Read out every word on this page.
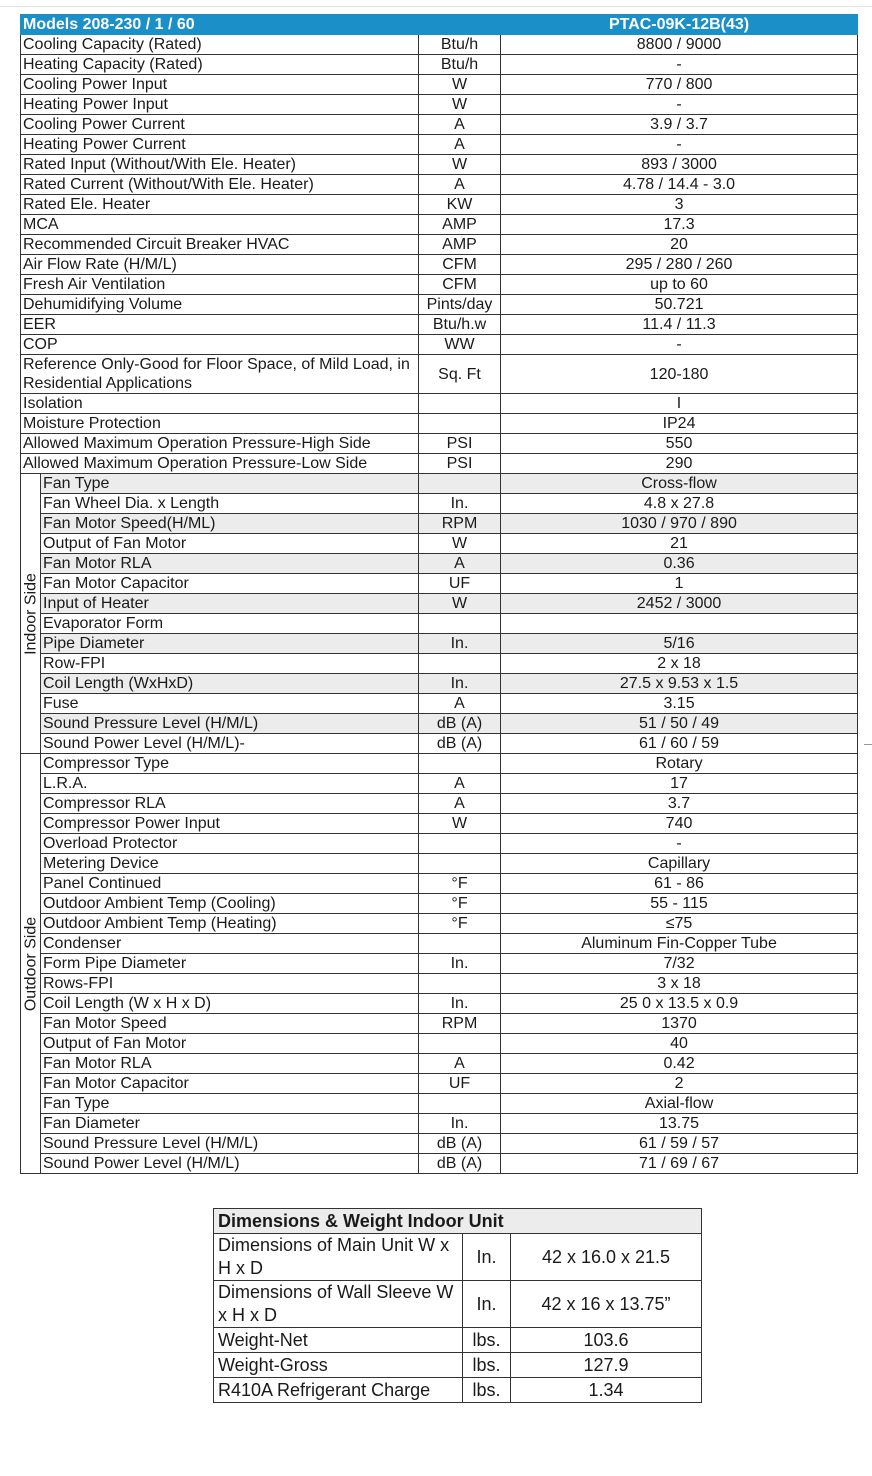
Models 208-230 / 1 / 60			PTAC-09K-12B(43)
Cooling Capacity (Rated)		Btu/h	8800 / 9000
Heating Capacity (Rated)		Btu/h	-
Cooling Power Input		W	770 / 800
Heating Power Input		W	-
Cooling Power Current		A	3.9 / 3.7
Heating Power Current		A	-
Rated Input (Without/With Ele. Heater)		W	893 / 3000
Rated Current (Without/With Ele. Heater)		A	4.78 / 14.4 - 3.0
Rated Ele. Heater		KW	3
MCA		AMP	17.3
Recommended Circuit Breaker HVAC		AMP	20
Air Flow Rate (H/M/L)		CFM	295 / 280 / 260
Fresh Air Ventilation		CFM	up to 60
Dehumidifying Volume		Pints/day	50.721
EER		Btu/h.w	11.4 / 11.3
COP		WW	-
Reference Only-Good for Floor Space, of Mild Load, in Residential Applications		Sq. Ft	120-180
Isolation			I
Moisture Protection			IP24
Allowed Maximum Operation Pressure-High Side		PSI	550
Allowed Maximum Operation Pressure-Low Side		PSI	290

Indoor Side	Fan Type		Cross-flow
	Fan Wheel Dia. x Length	In.	4.8 x 27.8
	Fan Motor Speed(H/ML)	RPM	1030 / 970 / 890
	Output of Fan Motor	W	21
	Fan Motor RLA	A	0.36
	Fan Motor Capacitor	UF	1
	Input of Heater	W	2452 / 3000
	Evaporator Form		
	Pipe Diameter	In.	5/16
	Row-FPI		2 x 18
	Coil Length (WxHxD)	In.	27.5 x 9.53 x 1.5
	Fuse	A	3.15
	Sound Pressure Level (H/M/L)	dB (A)	51 / 50 / 49
	Sound Power Level (H/M/L)-	dB (A)	61 / 60 / 59

Outdoor Side	Compressor Type		Rotary
	L.R.A.	A	17
	Compressor RLA	A	3.7
	Compressor Power Input	W	740
	Overload Protector		-
	Metering Device		Capillary
	Panel Continued	°F	61 - 86
	Outdoor Ambient Temp (Cooling)	°F	55 - 115
	Outdoor Ambient Temp (Heating)	°F	≤75
	Condenser		Aluminum Fin-Copper Tube
	Form Pipe Diameter	In.	7/32
	Rows-FPI		3 x 18
	Coil Length (W x H x D)	In.	25 0 x 13.5 x 0.9
	Fan Motor Speed	RPM	1370
	Output of Fan Motor		40
	Fan Motor RLA	A	0.42
	Fan Motor Capacitor	UF	2
	Fan Type		Axial-flow
	Fan Diameter	In.	13.75
	Sound Pressure Level (H/M/L)	dB (A)	61 / 59 / 57
	Sound Power Level (H/M/L)	dB (A)	71 / 69 / 67
Dimensions & Weight Indoor Unit		
Dimensions of Main Unit W x H x D	In.	42 x 16.0 x 21.5
Dimensions of Wall Sleeve W x H x D	In.	42 x 16 x 13.75”
Weight-Net	lbs.	103.6
Weight-Gross	lbs.	127.9
R410A Refrigerant Charge	lbs.	1.34
